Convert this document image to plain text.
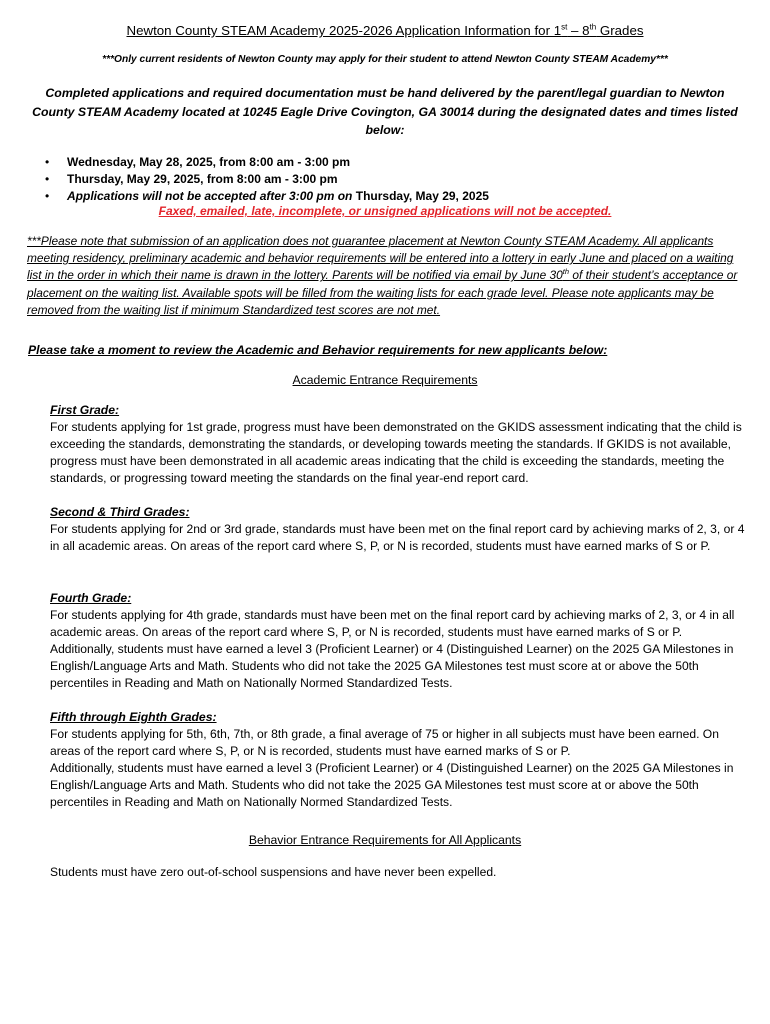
Newton County STEAM Academy 2025-2026 Application Information for 1st – 8th Grades
***Only current residents of Newton County may apply for their student to attend Newton County STEAM Academy***
Completed applications and required documentation must be hand delivered by the parent/legal guardian to Newton County STEAM Academy located at 10245 Eagle Drive Covington, GA 30014 during the designated dates and times listed below:
• Wednesday, May 28, 2025, from 8:00 am - 3:00 pm
• Thursday, May 29, 2025, from 8:00 am - 3:00 pm
• Applications will not be accepted after 3:00 pm on Thursday, May 29, 2025
Faxed, emailed, late, incomplete, or unsigned applications will not be accepted.
***Please note that submission of an application does not guarantee placement at Newton County STEAM Academy. All applicants meeting residency, preliminary academic and behavior requirements will be entered into a lottery in early June and placed on a waiting list in the order in which their name is drawn in the lottery. Parents will be notified via email by June 30th of their student’s acceptance or placement on the waiting list. Available spots will be filled from the waiting lists for each grade level. Please note applicants may be removed from the waiting list if minimum Standardized test scores are not met.
Please take a moment to review the Academic and Behavior requirements for new applicants below:
Academic Entrance Requirements

First Grade:

For students applying for 1st grade, progress must have been demonstrated on the GKIDS assessment indicating that the child is exceeding the standards, demonstrating the standards, or developing towards meeting the standards. If GKIDS is not available, progress must have been demonstrated in all academic areas indicating that the child is exceeding the standards, meeting the standards, or progressing toward meeting the standards on the final year-end report card.

Second & Third Grades:

For students applying for 2nd or 3rd grade, standards must have been met on the final report card by achieving marks of 2, 3, or 4 in all academic areas. On areas of the report card where S, P, or N is recorded, students must have earned marks of S or P.

Fourth Grade:

For students applying for 4th grade, standards must have been met on the final report card by achieving marks of 2, 3, or 4 in all academic areas. On areas of the report card where S, P, or N is recorded, students must have earned marks of S or P. Additionally, students must have earned a level 3 (Proficient Learner) or 4 (Distinguished Learner) on the 2025 GA Milestones in English/Language Arts and Math. Students who did not take the 2025 GA Milestones test must score at or above the 50th percentiles in Reading and Math on Nationally Normed Standardized Tests.

Fifth through Eighth Grades:

For students applying for 5th, 6th, 7th, or 8th grade, a final average of 75 or higher in all subjects must have been earned. On areas of the report card where S, P, or N is recorded, students must have earned marks of S or P.

Additionally, students must have earned a level 3 (Proficient Learner) or 4 (Distinguished Learner) on the 2025 GA Milestones in English/Language Arts and Math. Students who did not take the 2025 GA Milestones test must score at or above the 50th percentiles in Reading and Math on Nationally Normed Standardized Tests.

Behavior Entrance Requirements for All Applicants
Students must have zero out-of-school suspensions and have never been expelled.
